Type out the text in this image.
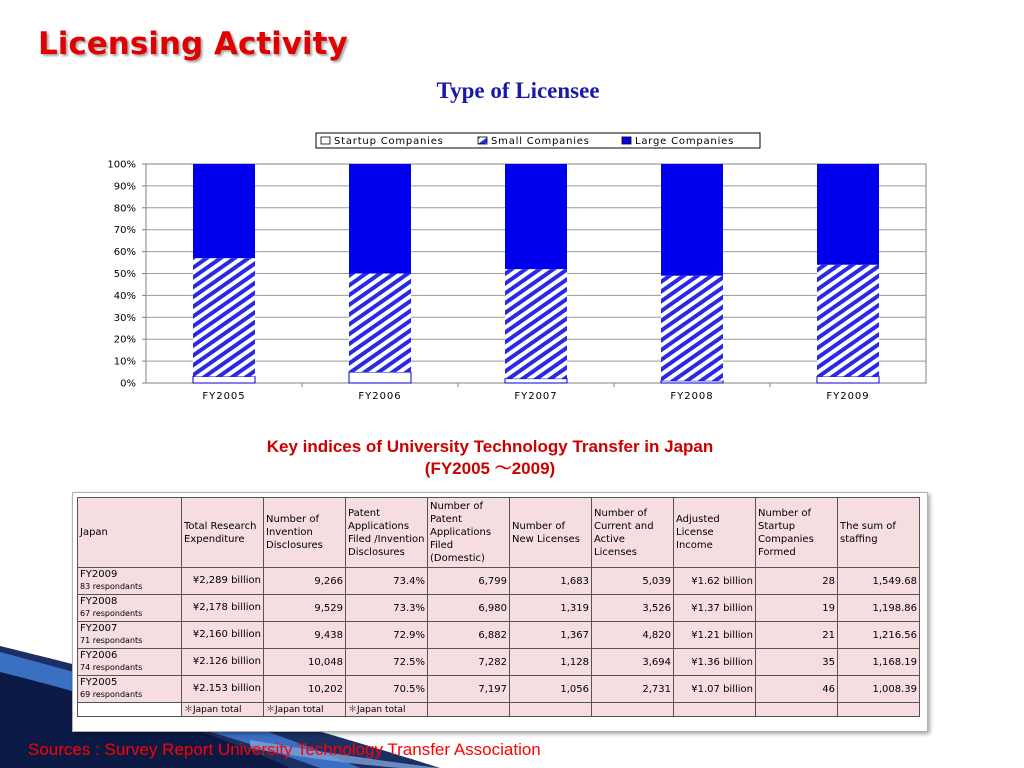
Licensing Activity
Type of Licensee
0%
10%
20%
30%
40%
50%
60%
70%
80%
90%
100%
FY2005	FY2006	FY2007	FY2008	FY2009
Startup Companies	Small Companies	Large Companies
Key indices of University Technology Transfer in Japan
(FY2005 ～2009)
Japan	Total Research Expenditure	Number of Invention Disclosures	Patent Applications Filed /Invention Disclosures	Number of Patent Applications Filed (Domestic)	Number of New Licenses	Number of Current and Active Licenses	Adjusted License Income	Number of Startup Companies Formed	The sum of staffing
FY2009
83 respondants	¥2,289 billion	9,266	73.4%	6,799	1,683	5,039	¥1.62 billion	28	1,549.68
FY2008
67 respondents	¥2,178 billion	9,529	73.3%	6,980	1,319	3,526	¥1.37 billion	19	1,198.86
FY2007
71 respondants	¥2,160 billion	9,438	72.9%	6,882	1,367	4,820	¥1.21 billion	21	1,216.56
FY2006
74 respondants	¥2.126 billion	10,048	72.5%	7,282	1,128	3,694	¥1.36 billion	35	1,168.19
FY2005
69 respondants	¥2.153 billion	10,202	70.5%	7,197	1,056	2,731	¥1.07 billion	46	1,008.39
	＊Japan total	＊Japan total	＊Japan total						
Sources : Survey Report University Technology Transfer Association
